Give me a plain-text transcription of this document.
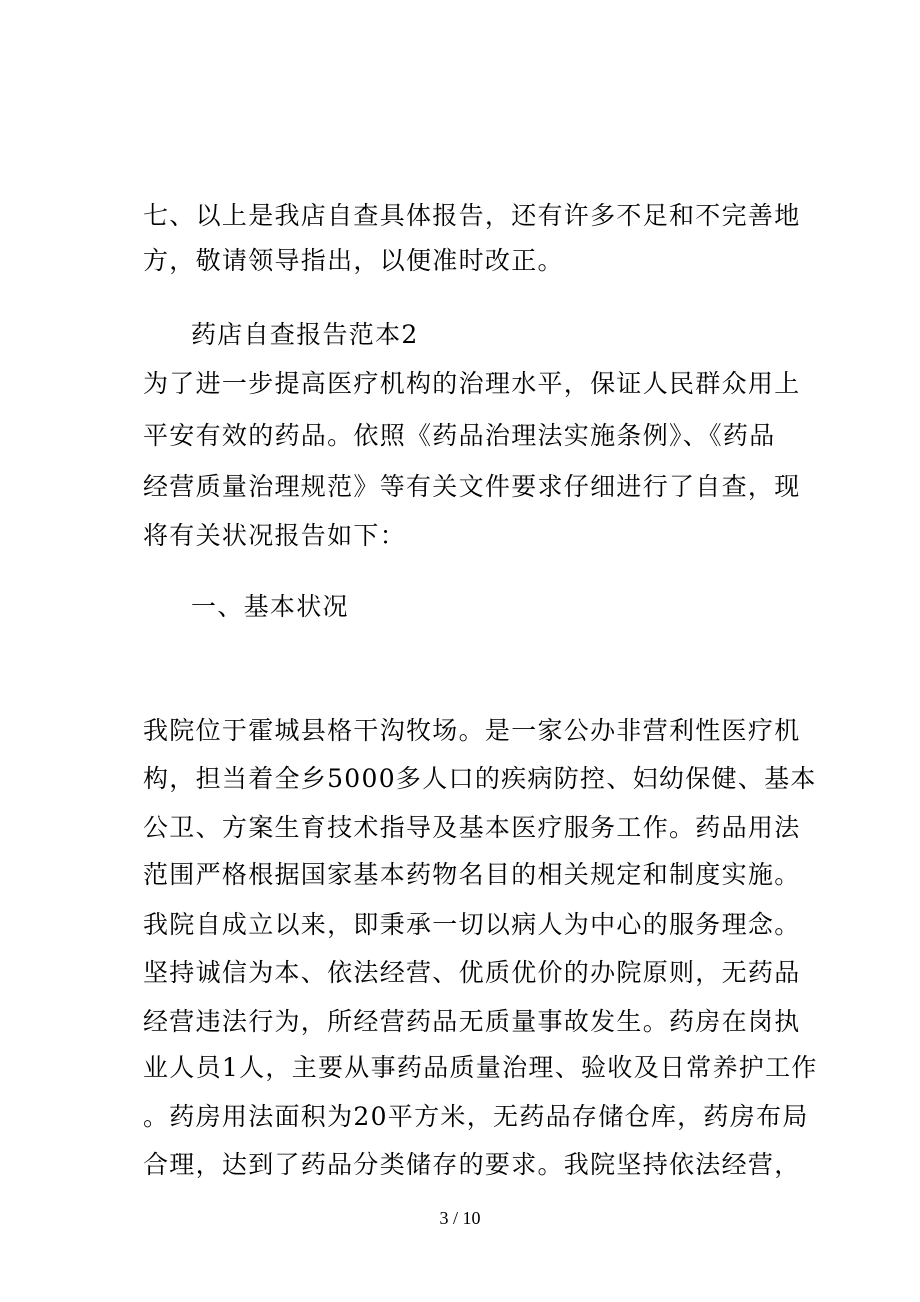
七、以上是我店自查具体报告，还有许多不足和不完善地
方，敬请领导指出，以便准时改正。
药店自查报告范本2
为了进一步提高医疗机构的治理水平，保证人民群众用上
平安有效的药品。依照《药品治理法实施条例》、《药品
经营质量治理规范》等有关文件要求仔细进行了自查，现
将有关状况报告如下：
一、基本状况
我院位于霍城县格干沟牧场。是一家公办非营利性医疗机
构，担当着全乡5000多人口的疾病防控、妇幼保健、基本
公卫、方案生育技术指导及基本医疗服务工作。药品用法
范围严格根据国家基本药物名目的相关规定和制度实施。
我院自成立以来，即秉承一切以病人为中心的服务理念。
坚持诚信为本、依法经营、优质优价的办院原则，无药品
经营违法行为，所经营药品无质量事故发生。药房在岗执
业人员1人，主要从事药品质量治理、验收及日常养护工作
。药房用法面积为20平方米，无药品存储仓库，药房布局
合理，达到了药品分类储存的要求。我院坚持依法经营，
3 / 10
